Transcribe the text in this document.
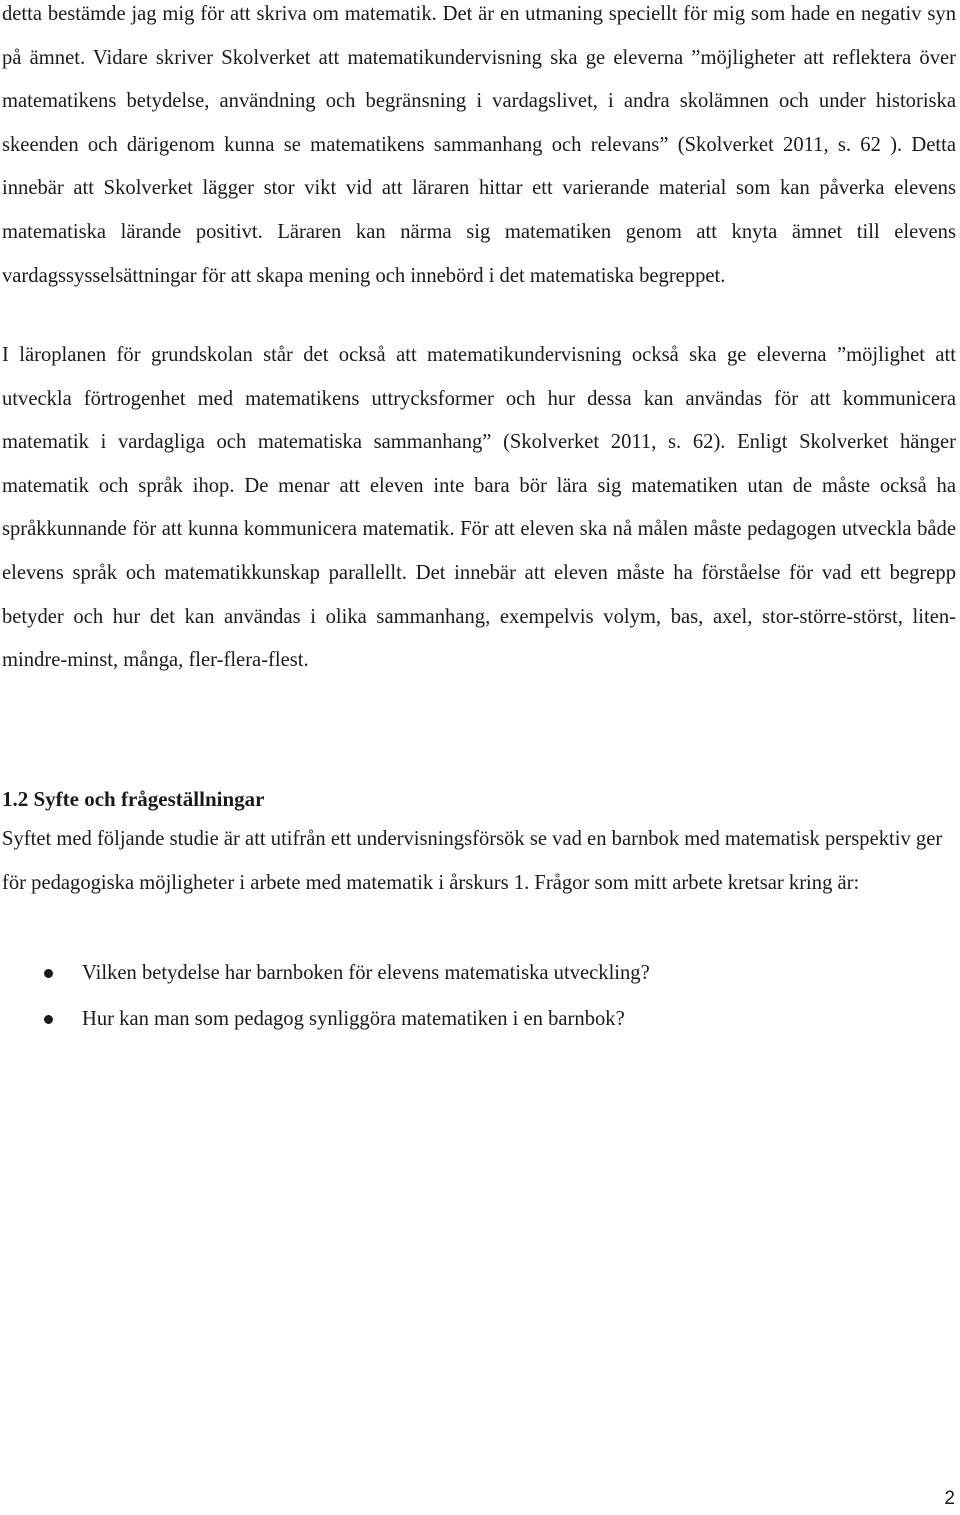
detta bestämde jag mig för att skriva om matematik. Det är en utmaning speciellt för mig som hade en negativ syn på ämnet. Vidare skriver Skolverket att matematikundervisning ska ge eleverna ”möjligheter att reflektera över matematikens betydelse, användning och begränsning i vardagslivet, i andra skolämnen och under historiska skeenden och därigenom kunna se matematikens sammanhang och relevans” (Skolverket 2011, s. 62 ). Detta innebär att Skolverket lägger stor vikt vid att läraren hittar ett varierande material som kan påverka elevens matematiska lärande positivt. Läraren kan närma sig matematiken genom att knyta ämnet till elevens vardagssysselsättningar för att skapa mening och innebörd i det matematiska begreppet.

I läroplanen för grundskolan står det också att matematikundervisning också ska ge eleverna ”möjlighet att utveckla förtrogenhet med matematikens uttrycksformer och hur dessa kan användas för att kommunicera matematik i vardagliga och matematiska sammanhang” (Skolverket 2011, s. 62). Enligt Skolverket hänger matematik och språk ihop. De menar att eleven inte bara bör lära sig matematiken utan de måste också ha språkkunnande för att kunna kommunicera matematik. För att eleven ska nå målen måste pedagogen utveckla både elevens språk och matematikkunskap parallellt. Det innebär att eleven måste ha förståelse för vad ett begrepp betyder och hur det kan användas i olika sammanhang, exempelvis volym, bas, axel, stor-större-störst, liten-mindre-minst, många, fler-flera-flest.

1.2 Syfte och frågeställningar

Syftet med följande studie är att utifrån ett undervisningsförsök se vad en barnbok med matematisk perspektiv ger för pedagogiska möjligheter i arbete med matematik i årskurs 1. Frågor som mitt arbete kretsar kring är:

Vilken betydelse har barnboken för elevens matematiska utveckling?
Hur kan man som pedagog synliggöra matematiken i en barnbok?
2
